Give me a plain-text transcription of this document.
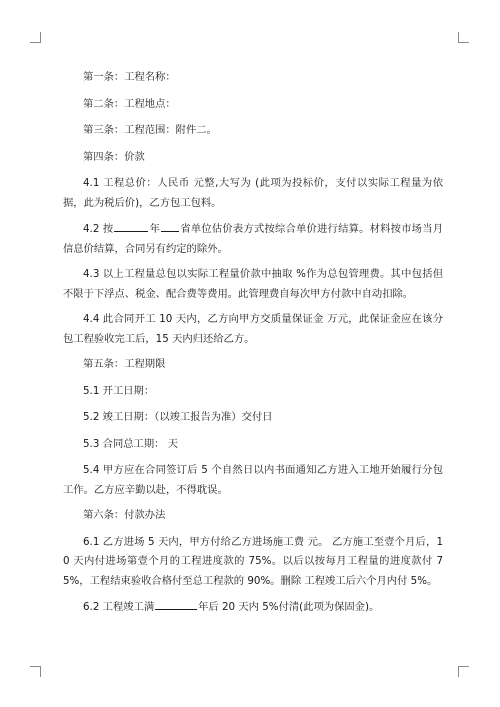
第一条：工程名称：

第二条：工程地点：

第三条：工程范围：附件二。

第四条：价款

4.1 工程总价：人民币 元整,大写为 (此项为投标价，支付以实际工程量为依据，此为税后价)，乙方包工包料。

4.2 按	年 省单位估价表方式按综合单价进行结算。材料按市场当月信息价结算，合同另有约定的除外。

4.3 以上工程量总包以实际工程量价款中抽取 %作为总包管理费。其中包括但不限于下浮点、税金、配合费等费用。此管理费自每次甲方付款中自动扣除。

4.4 此合同开工 10 天内，乙方向甲方交质量保证金 万元，此保证金应在该分包工程验收完工后，15 天内归还给乙方。

第五条：工程期限

5.1 开工日期：

5.2 竣工日期：（以竣工报告为准）交付日

5.3 合同总工期： 天

5.4 甲方应在合同签订后 5 个自然日以内书面通知乙方进入工地开始履行分包工作。乙方应辛勤以赴，不得耽误。

第六条：付款办法

6.1 乙方进场 5 天内，甲方付给乙方进场施工费 元。 乙方施工至壹个月后，10 天内付进场第壹个月的工程进度款的 75%。以后以按每月工程量的进度款付 75%，工程结束验收合格付至总工程款的 90%。删除 工程竣工后六个月内付 5%。

6.2 工程竣工满	年后 20 天内 5%付清(此项为保固金)。
